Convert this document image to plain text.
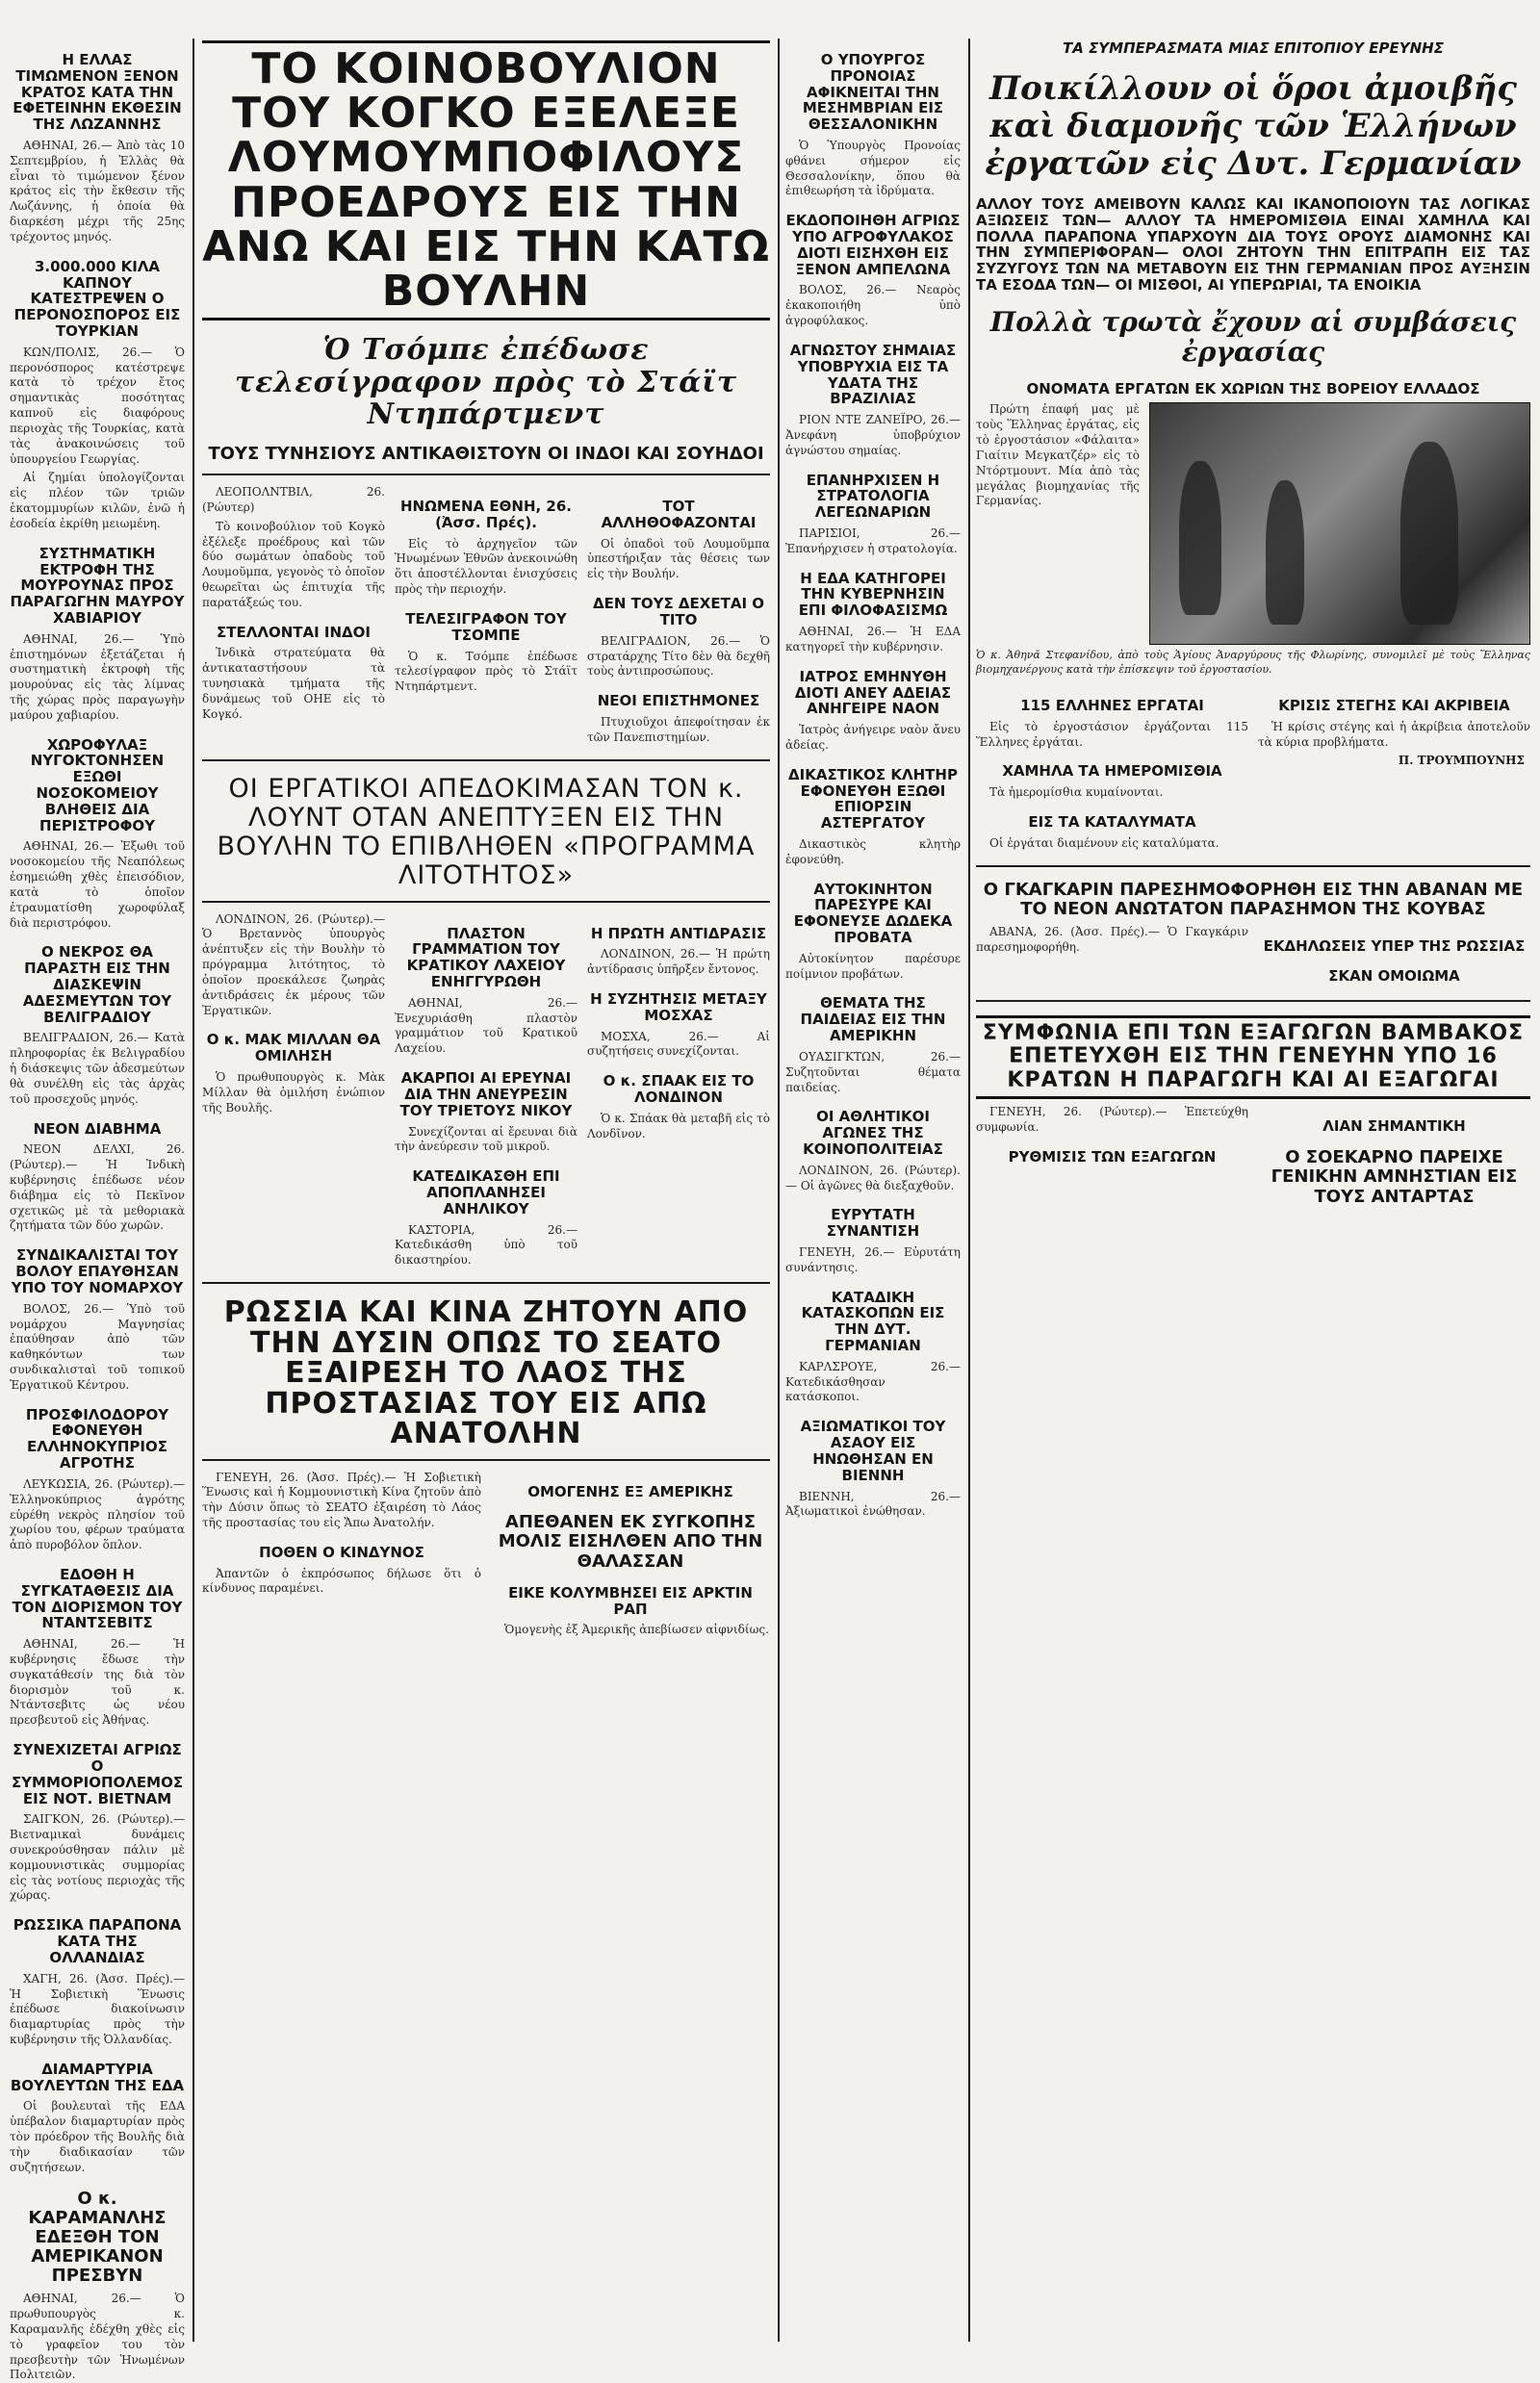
Η ΕΛΛΑΣ ΤΙΜΩΜΕΝΟΝ ΞΕΝΟΝ ΚΡΑΤΟΣ ΚΑΤΑ ΤΗΝ ΕΦΕΤΕΙΝΗΝ ΕΚΘΕΣΙΝ ΤΗΣ ΛΩΖΑΝΝΗΣ

ΑΘΗΝΑΙ, 26.— Ἀπὸ τὰς 10 Σεπτεμβρίου, ἡ Ἑλλὰς θὰ εἶναι τὸ τιμώμενον ξένον κράτος εἰς τὴν ἔκθεσιν τῆς Λωζάννης, ἡ ὁποία θὰ διαρκέση μέχρι τῆς 25ης τρέχοντος μηνός.

3.000.000 ΚΙΛΑ ΚΑΠΝΟΥ ΚΑΤΕΣΤΡΕΨΕΝ Ο ΠΕΡΟΝΟΣΠΟΡΟΣ ΕΙΣ ΤΟΥΡΚΙΑΝ

ΚΩΝ/ΠΟΛΙΣ, 26.— Ὁ περονόσπορος κατέστρεψε κατὰ τὸ τρέχον ἔτος σημαντικὰς ποσότητας καπνοῦ εἰς διαφόρους περιοχὰς τῆς Τουρκίας, κατὰ τὰς ἀνακοινώσεις τοῦ ὑπουργείου Γεωργίας.

Αἱ ζημίαι ὑπολογίζονται εἰς πλέον τῶν τριῶν ἑκατομμυρίων κιλῶν, ἐνῶ ἡ ἐσοδεία ἐκρίθη μειωμένη.

ΣΥΣΤΗΜΑΤΙΚΗ ΕΚΤΡΟΦΗ ΤΗΣ ΜΟΥΡΟΥΝΑΣ ΠΡΟΣ ΠΑΡΑΓΩΓΗΝ ΜΑΥΡΟΥ ΧΑΒΙΑΡΙΟΥ

ΑΘΗΝΑΙ, 26.— Ὑπὸ ἐπιστημόνων ἐξετάζεται ἡ συστηματικὴ ἐκτροφὴ τῆς μουρούνας εἰς τὰς λίμνας τῆς χώρας πρὸς παραγωγὴν μαύρου χαβιαρίου.

ΧΩΡΟΦΥΛΑΞ ΝΥΓΟΚΤΟΝΗΣΕΝ ΕΞΩΘΙ ΝΟΣΟΚΟΜΕΙΟΥ ΒΛΗΘΕΙΣ ΔΙΑ ΠΕΡΙΣΤΡΟΦΟΥ

ΑΘΗΝΑΙ, 26.— Ἐξωθι τοῦ νοσοκομείου τῆς Νεαπόλεως ἐσημειώθη χθὲς ἐπεισόδιον, κατὰ τὸ ὁποῖον ἐτραυματίσθη χωροφύλαξ διὰ περιστρόφου.

Ο ΝΕΚΡΟΣ ΘΑ ΠΑΡΑΣΤΗ ΕΙΣ ΤΗΝ ΔΙΑΣΚΕΨΙΝ ΑΔΕΣΜΕΥΤΩΝ ΤΟΥ ΒΕΛΙΓΡΑΔΙΟΥ

ΒΕΛΙΓΡΑΔΙΟΝ, 26.— Κατὰ πληροφορίας ἐκ Βελιγραδίου ἡ διάσκεψις τῶν ἀδεσμεύτων θὰ συνέλθη εἰς τὰς ἀρχὰς τοῦ προσεχοῦς μηνός.

ΝΕΟΝ ΔΙΑΒΗΜΑ

ΝΕΟΝ ΔΕΛΧΙ, 26. (Ρώυτερ).— Ἡ Ἰνδικὴ κυβέρνησις ἐπέδωσε νέον διάβημα εἰς τὸ Πεκῖνον σχετικῶς μὲ τὰ μεθοριακὰ ζητήματα τῶν δύο χωρῶν.

ΣΥΝΔΙΚΑΛΙΣΤΑΙ ΤΟΥ ΒΟΛΟΥ ΕΠΑΥΘΗΣΑΝ ΥΠΟ ΤΟΥ ΝΟΜΑΡΧΟΥ

ΒΟΛΟΣ, 26.— Ὑπὸ τοῦ νομάρχου Μαγνησίας ἐπαύθησαν ἀπὸ τῶν καθηκόντων των συνδικαλισταὶ τοῦ τοπικοῦ Ἐργατικοῦ Κέντρου.

ΠΡΟΣΦΙΛΟΔΟΡΟΥ ΕΦΟΝΕΥΘΗ ΕΛΛΗΝΟΚΥΠΡΙΟΣ ΑΓΡΟΤΗΣ

ΛΕΥΚΩΣΙΑ, 26. (Ρώυτερ).— Ἐλληνοκύπριος ἀγρότης εὑρέθη νεκρὸς πλησίον τοῦ χωρίου του, φέρων τραύματα ἀπὸ πυροβόλον ὅπλον.

ΕΔΟΘΗ Η ΣΥΓΚΑΤΑΘΕΣΙΣ ΔΙΑ ΤΟΝ ΔΙΟΡΙΣΜΟΝ ΤΟΥ ΝΤΑΝΤΣΕΒΙΤΣ

ΑΘΗΝΑΙ, 26.— Ἡ κυβέρνησις ἔδωσε τὴν συγκατάθεσίν της διὰ τὸν διορισμὸν τοῦ κ. Ντάντσεβιτς ὡς νέου πρεσβευτοῦ εἰς Ἀθήνας.

ΣΥΝΕΧΙΖΕΤΑΙ ΑΓΡΙΩΣ Ο ΣΥΜΜΟΡΙΟΠΟΛΕΜΟΣ ΕΙΣ ΝΟΤ. ΒΙΕΤΝΑΜ

ΣΑΙΓΚΟΝ, 26. (Ρώυτερ).— Βιετναμικαὶ δυνάμεις συνεκρούσθησαν πάλιν μὲ κομμουνιστικὰς συμμορίας εἰς τὰς νοτίους περιοχὰς τῆς χώρας.

ΡΩΣΣΙΚΑ ΠΑΡΑΠΟΝΑ ΚΑΤΑ ΤΗΣ ΟΛΛΑΝΔΙΑΣ

ΧΑΓΗ, 26. (Ἀσσ. Πρές).— Ἡ Σοβιετικὴ Ἕνωσις ἐπέδωσε διακοίνωσιν διαμαρτυρίας πρὸς τὴν κυβέρνησιν τῆς Ὀλλανδίας.

ΔΙΑΜΑΡΤΥΡΙΑ ΒΟΥΛΕΥΤΩΝ ΤΗΣ ΕΔΑ

Οἱ βουλευταὶ τῆς ΕΔΑ ὑπέβαλον διαμαρτυρίαν πρὸς τὸν πρόεδρον τῆς Βουλῆς διὰ τὴν διαδικασίαν τῶν συζητήσεων.

Ο κ. ΚΑΡΑΜΑΝΛΗΣ ΕΔΕΞΘΗ ΤΟΝ ΑΜΕΡΙΚΑΝΟΝ ΠΡΕΣΒΥΝ

ΑΘΗΝΑΙ, 26.— Ὁ πρωθυπουργὸς κ. Καραμανλῆς ἐδέχθη χθὲς εἰς τὸ γραφεῖον του τὸν πρεσβευτὴν τῶν Ἡνωμένων Πολιτειῶν.

ΤΟ ΚΟΙΝΟΒΟΥΛΙΟΝ ΤΟΥ ΚΟΓΚΟ ΕΞΕΛΕΞΕ ΛΟΥΜΟΥΜΠΟΦΙΛΟΥΣ ΠΡΟΕΔΡΟΥΣ ΕΙΣ ΤΗΝ ΑΝΩ ΚΑΙ ΕΙΣ ΤΗΝ ΚΑΤΩ ΒΟΥΛΗΝ
Ὁ Τσόμπε ἐπέδωσε τελεσίγραφον πρὸς τὸ Στάϊτ Ντηπάρτμεντ
ΤΟΥΣ ΤΥΝΗΣΙΟΥΣ ΑΝΤΙΚΑΘΙΣΤΟΥΝ ΟΙ ΙΝΔΟΙ ΚΑΙ ΣΟΥΗΔΟΙ

ΛΕΟΠΟΛΝΤΒΙΛ, 26. (Ρώυτερ)

Τὸ κοινοβούλιον τοῦ Κογκὸ ἐξέλεξε προέδρους καὶ τῶν δύο σωμάτων ὀπαδοὺς τοῦ Λουμοῦμπα, γεγονὸς τὸ ὁποῖον θεωρεῖται ὡς ἐπιτυχία τῆς παρατάξεώς του.

ΣΤΕΛΛΟΝΤΑΙ ΙΝΔΟΙ

Ἰνδικὰ στρατεύματα θὰ ἀντικαταστήσουν τὰ τυνησιακὰ τμήματα τῆς δυνάμεως τοῦ ΟΗΕ εἰς τὸ Κογκό.

ΗΝΩΜΕΝΑ ΕΘΝΗ, 26. (Ἀσσ. Πρές).

Εἰς τὸ ἀρχηγεῖον τῶν Ἡνωμένων Ἐθνῶν ἀνεκοινώθη ὅτι ἀποστέλλονται ἐνισχύσεις πρὸς τὴν περιοχήν.

ΤΕΛΕΣΙΓΡΑΦΟΝ ΤΟΥ ΤΣΟΜΠΕ

Ὁ κ. Τσόμπε ἐπέδωσε τελεσίγραφον πρὸς τὸ Στάϊτ Ντηπάρτμεντ.

ΤΟΤ ΑΛΛΗΘΟΦΑΖΟΝΤΑΙ

Οἱ ὀπαδοὶ τοῦ Λουμοῦμπα ὑπεστήριξαν τὰς θέσεις των εἰς τὴν Βουλήν.

ΔΕΝ ΤΟΥΣ ΔΕΧΕΤΑΙ Ο ΤΙΤΟ

ΒΕΛΙΓΡΑΔΙΟΝ, 26.— Ὁ στρατάρχης Τίτο δὲν θὰ δεχθῆ τοὺς ἀντιπροσώπους.

ΝΕΟΙ ΕΠΙΣΤΗΜΟΝΕΣ

Πτυχιοῦχοι ἀπεφοίτησαν ἐκ τῶν Πανεπιστημίων.

ΟΙ ΕΡΓΑΤΙΚΟΙ ΑΠΕΔΟΚΙΜΑΣΑΝ ΤΟΝ κ. ΛΟΥΝΤ ΟΤΑΝ ΑΝΕΠΤΥΞΕΝ ΕΙΣ ΤΗΝ ΒΟΥΛΗΝ ΤΟ ΕΠΙΒΛΗΘΕΝ «ΠΡΟΓΡΑΜΜΑ ΛΙΤΟΤΗΤΟΣ»

ΛΟΝΔΙΝΟΝ, 26. (Ρώυτερ).— Ὁ Βρεταννὸς ὑπουργὸς ἀνέπτυξεν εἰς τὴν Βουλὴν τὸ πρόγραμμα λιτότητος, τὸ ὁποῖον προεκάλεσε ζωηρὰς ἀντιδράσεις ἐκ μέρους τῶν Ἐργατικῶν.

Ο κ. ΜΑΚ ΜΙΛΛΑΝ ΘΑ ΟΜΙΛΗΣΗ

Ὁ πρωθυπουργὸς κ. Μὰκ Μίλλαν θὰ ὁμιλήση ἐνώπιον τῆς Βουλῆς.

ΠΛΑΣΤΟΝ ΓΡΑΜΜΑΤΙΟΝ ΤΟΥ ΚΡΑΤΙΚΟΥ ΛΑΧΕΙΟΥ ΕΝΗΓΓΥΡΩΘΗ

ΑΘΗΝΑΙ, 26.— Ἐνεχυριάσθη πλαστὸν γραμμάτιον τοῦ Κρατικοῦ Λαχείου.

ΑΚΑΡΠΟΙ ΑΙ ΕΡΕΥΝΑΙ ΔΙΑ ΤΗΝ ΑΝΕΥΡΕΣΙΝ ΤΟΥ ΤΡΙΕΤΟΥΣ ΝΙΚΟΥ

Συνεχίζονται αἱ ἔρευναι διὰ τὴν ἀνεύρεσιν τοῦ μικροῦ.

ΚΑΤΕΔΙΚΑΣΘΗ ΕΠΙ ΑΠΟΠΛΑΝΗΣΕΙ ΑΝΗΛΙΚΟΥ

ΚΑΣΤΟΡΙΑ, 26.— Κατεδικάσθη ὑπὸ τοῦ δικαστηρίου.

Η ΠΡΩΤΗ ΑΝΤΙΔΡΑΣΙΣ

ΛΟΝΔΙΝΟΝ, 26.— Ἡ πρώτη ἀντίδρασις ὑπῆρξεν ἔντονος.

Η ΣΥΖΗΤΗΣΙΣ ΜΕΤΑΞΥ ΜΟΣΧΑΣ

ΜΟΣΧΑ, 26.— Αἱ συζητήσεις συνεχίζονται.

Ο κ. ΣΠΑΑΚ ΕΙΣ ΤΟ ΛΟΝΔΙΝΟΝ

Ὁ κ. Σπάακ θὰ μεταβῆ εἰς τὸ Λονδῖνον.

ΡΩΣΣΙΑ ΚΑΙ ΚΙΝΑ ΖΗΤΟΥΝ ΑΠΟ ΤΗΝ ΔΥΣΙΝ ΟΠΩΣ ΤΟ ΣΕΑΤΟ ΕΞΑΙΡΕΣΗ ΤΟ ΛΑΟΣ ΤΗΣ ΠΡΟΣΤΑΣΙΑΣ ΤΟΥ ΕΙΣ ΑΠΩ ΑΝΑΤΟΛΗΝ

ΓΕΝΕΥΗ, 26. (Ἀσσ. Πρές).— Ἡ Σοβιετικὴ Ἕνωσις καὶ ἡ Κομμουνιστικὴ Κίνα ζητοῦν ἀπὸ τὴν Δύσιν ὅπως τὸ ΣΕΑΤΟ ἐξαιρέση τὸ Λάος τῆς προστασίας του εἰς Ἄπω Ἀνατολήν.

ΠΟΘΕΝ Ο ΚΙΝΔΥΝΟΣ

Ἀπαντῶν ὁ ἐκπρόσωπος δήλωσε ὅτι ὁ κίνδυνος παραμένει.

ΟΜΟΓΕΝΗΣ ΕΞ ΑΜΕΡΙΚΗΣ
ΑΠΕΘΑΝΕΝ ΕΚ ΣΥΓΚΟΠΗΣ ΜΟΛΙΣ ΕΙΣΗΛΘΕΝ ΑΠΟ ΤΗΝ ΘΑΛΑΣΣΑΝ
ΕΙΚΕ ΚΟΛΥΜΒΗΣΕΙ ΕΙΣ ΑΡΚΤΙΝ ΡΑΠ

Ὁμογενὴς ἐξ Ἀμερικῆς ἀπεβίωσεν αἰφνιδίως.

Ο ΥΠΟΥΡΓΟΣ ΠΡΟΝΟΙΑΣ ΑΦΙΚΝΕΙΤΑΙ ΤΗΝ ΜΕΣΗΜΒΡΙΑΝ ΕΙΣ ΘΕΣΣΑΛΟΝΙΚΗΝ

Ὁ Ὑπουργὸς Προνοίας φθάνει σήμερον εἰς Θεσσαλονίκην, ὅπου θὰ ἐπιθεωρήση τὰ ἱδρύματα.

ΕΚΔΟΠΟΙΗΘΗ ΑΓΡΙΩΣ ΥΠΟ ΑΓΡΟΦΥΛΑΚΟΣ ΔΙΟΤΙ ΕΙΣΗΧΘΗ ΕΙΣ ΞΕΝΟΝ ΑΜΠΕΛΩΝΑ

ΒΟΛΟΣ, 26.— Νεαρὸς ἐκακοποιήθη ὑπὸ ἀγροφύλακος.

ΑΓΝΩΣΤΟΥ ΣΗΜΑΙΑΣ ΥΠΟΒΡΥΧΙΑ ΕΙΣ ΤΑ ΥΔΑΤΑ ΤΗΣ ΒΡΑΖΙΛΙΑΣ

ΡΙΟΝ ΝΤΕ ΖΑΝΕΪΡΟ, 26.— Ἀνεφάνη ὑποβρύχιον ἀγνώστου σημαίας.

ΕΠΑΝΗΡΧΙΣΕΝ Η ΣΤΡΑΤΟΛΟΓΙΑ ΛΕΓΕΩΝΑΡΙΩΝ

ΠΑΡΙΣΙΟΙ, 26.— Ἐπανήρχισεν ἡ στρατολογία.

Η ΕΔΑ ΚΑΤΗΓΟΡΕΙ ΤΗΝ ΚΥΒΕΡΝΗΣΙΝ ΕΠΙ ΦΙΛΟΦΑΣΙΣΜΩ

ΑΘΗΝΑΙ, 26.— Ἡ ΕΔΑ κατηγορεῖ τὴν κυβέρνησιν.

ΙΑΤΡΟΣ ΕΜΗΝΥΘΗ ΔΙΟΤΙ ΑΝΕΥ ΑΔΕΙΑΣ ΑΝΗΓΕΙΡΕ ΝΑΟΝ

Ἰατρὸς ἀνήγειρε ναὸν ἄνευ ἀδείας.

ΔΙΚΑΣΤΙΚΟΣ ΚΛΗΤΗΡ ΕΦΟΝΕΥΘΗ ΕΞΩΘΙ ΕΠΙΟΡΣΙΝ ΑΣΤΕΡΓΑΤΟΥ

Δικαστικὸς κλητὴρ ἐφονεύθη.

ΑΥΤΟΚΙΝΗΤΟΝ ΠΑΡΕΣΥΡΕ ΚΑΙ ΕΦΟΝΕΥΣΕ ΔΩΔΕΚΑ ΠΡΟΒΑΤΑ

Αὐτοκίνητον παρέσυρε ποίμνιον προβάτων.

ΘΕΜΑΤΑ ΤΗΣ ΠΑΙΔΕΙΑΣ ΕΙΣ ΤΗΝ ΑΜΕΡΙΚΗΝ

ΟΥΑΣΙΓΚΤΩΝ, 26.— Συζητοῦνται θέματα παιδείας.

ΟΙ ΑΘΛΗΤΙΚΟΙ ΑΓΩΝΕΣ ΤΗΣ ΚΟΙΝΟΠΟΛΙΤΕΙΑΣ

ΛΟΝΔΙΝΟΝ, 26. (Ρώυτερ).— Οἱ ἀγῶνες θὰ διεξαχθοῦν.

ΕΥΡΥΤΑΤΗ ΣΥΝΑΝΤΙΣΗ

ΓΕΝΕΥΗ, 26.— Εὐρυτάτη συνάντησις.

ΚΑΤΑΔΙΚΗ ΚΑΤΑΣΚΟΠΩΝ ΕΙΣ ΤΗΝ ΔΥΤ. ΓΕΡΜΑΝΙΑΝ

ΚΑΡΛΣΡΟΥΕ, 26.— Κατεδικάσθησαν κατάσκοποι.

ΑΞΙΩΜΑΤΙΚΟΙ ΤΟΥ ΑΣΑΟΥ ΕΙΣ ΗΝΩΘΗΣΑΝ ΕΝ ΒΙΕΝΝΗ

ΒΙΕΝΝΗ, 26.— Ἀξιωματικοὶ ἐνώθησαν.

ΤΑ ΣΥΜΠΕΡΑΣΜΑΤΑ ΜΙΑΣ ΕΠΙΤΟΠΙΟΥ ΕΡΕΥΝΗΣ
Ποικίλλουν οἱ ὅροι ἀμοιβῆς καὶ διαμονῆς τῶν Ἑλλήνων ἐργατῶν εἰς Δυτ. Γερμανίαν
ΑΛΛΟΥ ΤΟΥΣ ΑΜΕΙΒΟΥΝ ΚΑΛΩΣ ΚΑΙ ΙΚΑΝΟΠΟΙΟΥΝ ΤΑΣ ΛΟΓΙΚΑΣ ΑΞΙΩΣΕΙΣ ΤΩΝ— ΑΛΛΟΥ ΤΑ ΗΜΕΡΟΜΙΣΘΙΑ ΕΙΝΑΙ ΧΑΜΗΛΑ ΚΑΙ ΠΟΛΛΑ ΠΑΡΑΠΟΝΑ ΥΠΑΡΧΟΥΝ ΔΙΑ ΤΟΥΣ ΟΡΟΥΣ ΔΙΑΜΟΝΗΣ ΚΑΙ ΤΗΝ ΣΥΜΠΕΡΙΦΟΡΑΝ— ΟΛΟΙ ΖΗΤΟΥΝ ΤΗΝ ΕΠΙΤΡΑΠΗ ΕΙΣ ΤΑΣ ΣΥΖΥΓΟΥΣ ΤΩΝ ΝΑ ΜΕΤΑΒΟΥΝ ΕΙΣ ΤΗΝ ΓΕΡΜΑΝΙΑΝ ΠΡΟΣ ΑΥΞΗΣΙΝ ΤΑ ΕΣΟΔΑ ΤΩΝ— ΟΙ ΜΙΣΘΟΙ, ΑΙ ΥΠΕΡΩΡΙΑΙ, ΤΑ ΕΝΟΙΚΙΑ
Πολλὰ τρωτὰ ἔχουν αἱ συμβάσεις ἐργασίας
ΟΝΟΜΑΤΑ ΕΡΓΑΤΩΝ ΕΚ ΧΩΡΙΩΝ ΤΗΣ ΒΟΡΕΙΟΥ ΕΛΛΑΔΟΣ

Πρώτη ἐπαφή μας μὲ τοὺς Ἕλληνας ἐργάτας, εἰς τὸ ἐργοστάσιον «Φάλαιτα» Γιαίτιν Μεγκατζέρ» εἰς τὸ Ντόρτμουντ. Μία ἀπὸ τὰς μεγάλας βιομηχανίας τῆς Γερμανίας.

Ὁ κ. Ἀθηνᾶ Στεφανίδου, ἀπὸ τοὺς Ἁγίους Ἀναργύρους τῆς Φλωρίνης, συνομιλεῖ μὲ τοὺς Ἕλληνας βιομηχανέργους κατὰ τὴν ἐπίσκεψιν τοῦ ἐργοστασίου.

115 ΕΛΛΗΝΕΣ ΕΡΓΑΤΑΙ

Εἰς τὸ ἐργοστάσιον ἐργάζονται 115 Ἕλληνες ἐργάται.

ΧΑΜΗΛΑ ΤΑ ΗΜΕΡΟΜΙΣΘΙΑ

Τὰ ἡμερομίσθια κυμαίνονται.

ΕΙΣ ΤΑ ΚΑΤΑΛΥΜΑΤΑ

Οἱ ἐργάται διαμένουν εἰς καταλύματα.

ΚΡΙΣΙΣ ΣΤΕΓΗΣ ΚΑΙ ΑΚΡΙΒΕΙΑ

Ἡ κρίσις στέγης καὶ ἡ ἀκρίβεια ἀποτελοῦν τὰ κύρια προβλήματα.

Π. ΤΡΟΥΜΠΟΥΝΗΣ
Ο ΓΚΑΓΚΑΡΙΝ ΠΑΡΕΣΗΜΟΦΟΡΗΘΗ ΕΙΣ ΤΗΝ ΑΒΑΝΑΝ ΜΕ ΤΟ ΝΕΟΝ ΑΝΩΤΑΤΟΝ ΠΑΡΑΣΗΜΟΝ ΤΗΣ ΚΟΥΒΑΣ

ΑΒΑΝΑ, 26. (Ἀσσ. Πρές).— Ὁ Γκαγκάριν παρεσημοφορήθη.	ΕΚΔΗΛΩΣΕΙΣ ΥΠΕΡ ΤΗΣ ΡΩΣΣΙΑΣ
ΣΚΑΝ ΟΜΟΙΩΜΑ
ΣΥΜΦΩΝΙΑ ΕΠΙ ΤΩΝ ΕΞΑΓΩΓΩΝ ΒΑΜΒΑΚΟΣ ΕΠΕΤΕΥΧΘΗ ΕΙΣ ΤΗΝ ΓΕΝΕΥΗΝ ΥΠΟ 16 ΚΡΑΤΩΝ Η ΠΑΡΑΓΩΓΗ ΚΑΙ ΑΙ ΕΞΑΓΩΓΑΙ

ΓΕΝΕΥΗ, 26. (Ρώυτερ).— Ἐπετεύχθη συμφωνία.

ΡΥΘΜΙΣΙΣ ΤΩΝ ΕΞΑΓΩΓΩΝ
ΛΙΑΝ ΣΗΜΑΝΤΙΚΗ
Ο ΣΟΕΚΑΡΝΟ ΠΑΡΕΙΧΕ ΓΕΝΙΚΗΝ ΑΜΝΗΣΤΙΑΝ ΕΙΣ ΤΟΥΣ ΑΝΤΑΡΤΑΣ
